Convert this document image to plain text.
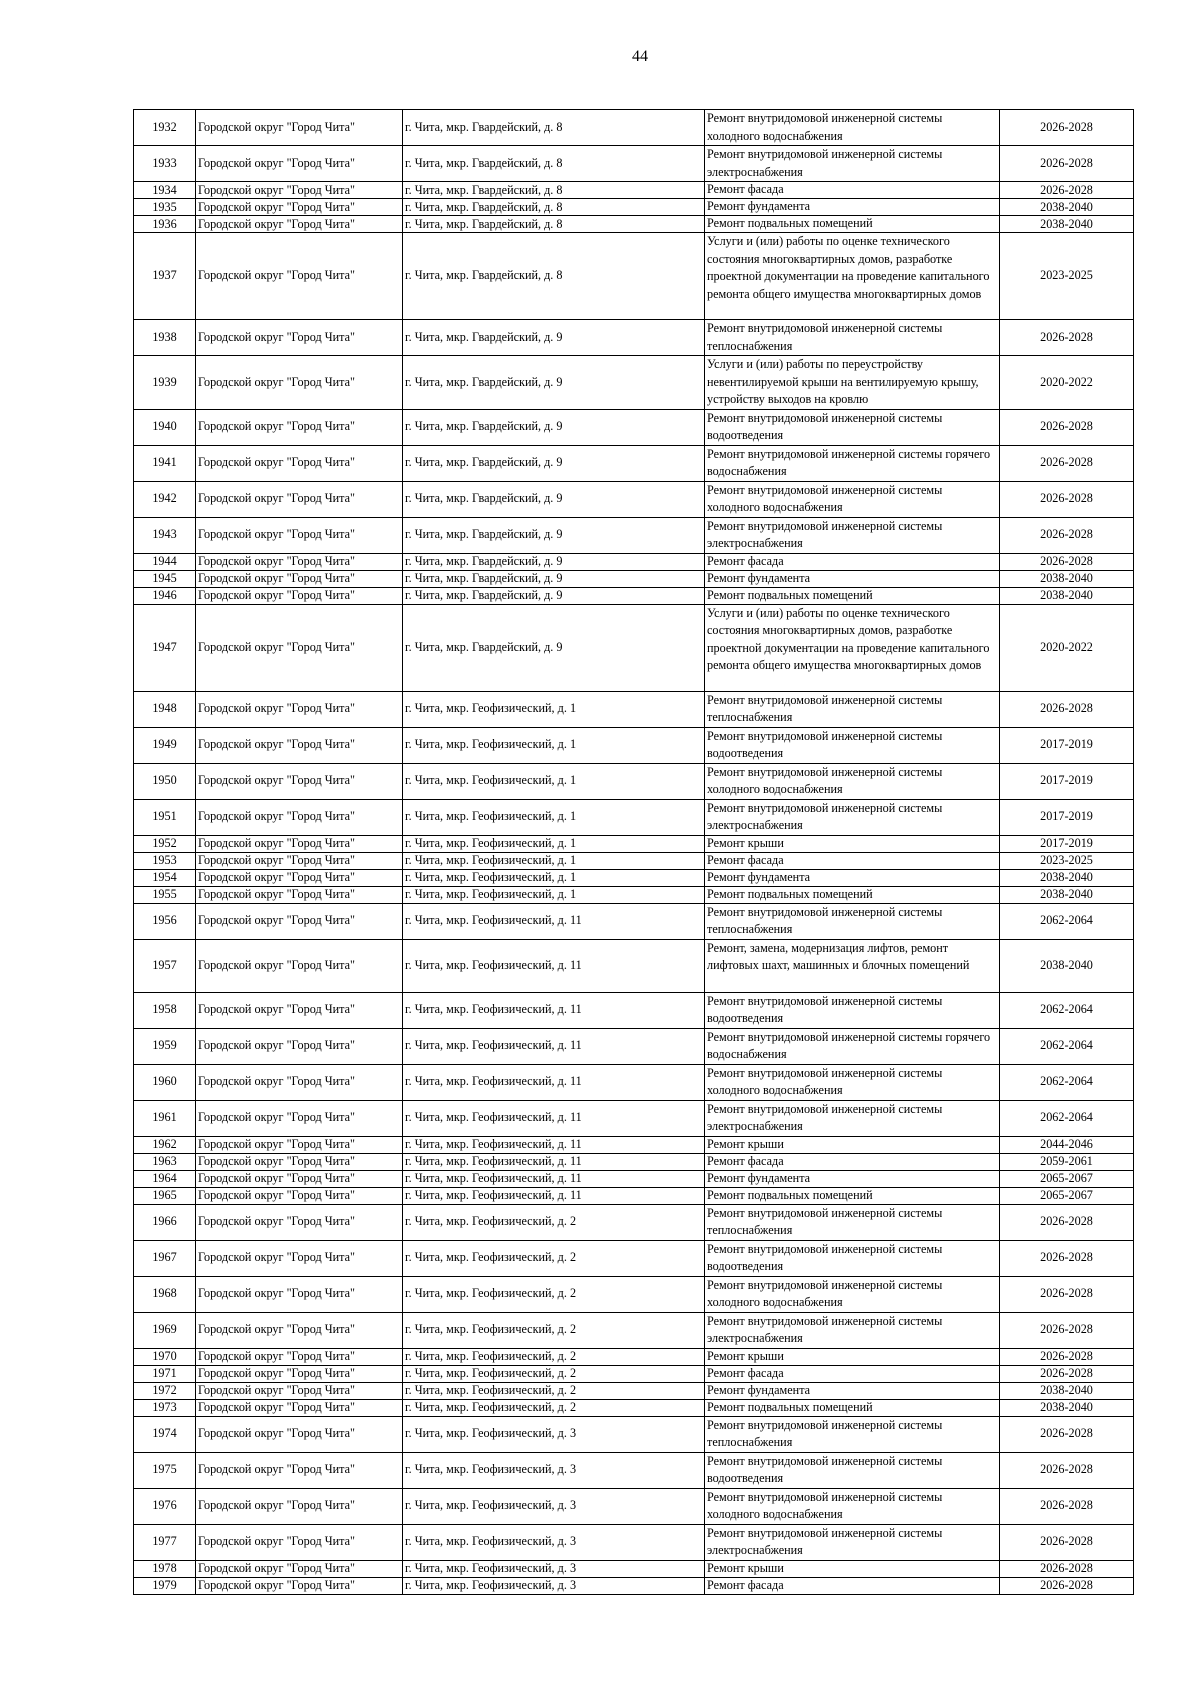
44
1932	Городской округ "Город Чита"	г. Чита, мкр. Гвардейский, д. 8	Ремонт внутридомовой инженерной системы холодного водоснабжения	2026-2028
1933	Городской округ "Город Чита"	г. Чита, мкр. Гвардейский, д. 8	Ремонт внутридомовой инженерной системы электроснабжения	2026-2028
1934	Городской округ "Город Чита"	г. Чита, мкр. Гвардейский, д. 8	Ремонт фасада	2026-2028
1935	Городской округ "Город Чита"	г. Чита, мкр. Гвардейский, д. 8	Ремонт фундамента	2038-2040
1936	Городской округ "Город Чита"	г. Чита, мкр. Гвардейский, д. 8	Ремонт подвальных помещений	2038-2040
1937	Городской округ "Город Чита"	г. Чита, мкр. Гвардейский, д. 8	Услуги и (или) работы по оценке технического состояния многоквартирных домов, разработке проектной документации на проведение капитального ремонта общего имущества многоквартирных домов	2023-2025
1938	Городской округ "Город Чита"	г. Чита, мкр. Гвардейский, д. 9	Ремонт внутридомовой инженерной системы теплоснабжения	2026-2028
1939	Городской округ "Город Чита"	г. Чита, мкр. Гвардейский, д. 9	Услуги и (или) работы по переустройству невентилируемой крыши на вентилируемую крышу, устройству выходов на кровлю	2020-2022
1940	Городской округ "Город Чита"	г. Чита, мкр. Гвардейский, д. 9	Ремонт внутридомовой инженерной системы водоотведения	2026-2028
1941	Городской округ "Город Чита"	г. Чита, мкр. Гвардейский, д. 9	Ремонт внутридомовой инженерной системы горячего водоснабжения	2026-2028
1942	Городской округ "Город Чита"	г. Чита, мкр. Гвардейский, д. 9	Ремонт внутридомовой инженерной системы холодного водоснабжения	2026-2028
1943	Городской округ "Город Чита"	г. Чита, мкр. Гвардейский, д. 9	Ремонт внутридомовой инженерной системы электроснабжения	2026-2028
1944	Городской округ "Город Чита"	г. Чита, мкр. Гвардейский, д. 9	Ремонт фасада	2026-2028
1945	Городской округ "Город Чита"	г. Чита, мкр. Гвардейский, д. 9	Ремонт фундамента	2038-2040
1946	Городской округ "Город Чита"	г. Чита, мкр. Гвардейский, д. 9	Ремонт подвальных помещений	2038-2040
1947	Городской округ "Город Чита"	г. Чита, мкр. Гвардейский, д. 9	Услуги и (или) работы по оценке технического состояния многоквартирных домов, разработке проектной документации на проведение капитального ремонта общего имущества многоквартирных домов	2020-2022
1948	Городской округ "Город Чита"	г. Чита, мкр. Геофизический, д. 1	Ремонт внутридомовой инженерной системы теплоснабжения	2026-2028
1949	Городской округ "Город Чита"	г. Чита, мкр. Геофизический, д. 1	Ремонт внутридомовой инженерной системы водоотведения	2017-2019
1950	Городской округ "Город Чита"	г. Чита, мкр. Геофизический, д. 1	Ремонт внутридомовой инженерной системы холодного водоснабжения	2017-2019
1951	Городской округ "Город Чита"	г. Чита, мкр. Геофизический, д. 1	Ремонт внутридомовой инженерной системы электроснабжения	2017-2019
1952	Городской округ "Город Чита"	г. Чита, мкр. Геофизический, д. 1	Ремонт крыши	2017-2019
1953	Городской округ "Город Чита"	г. Чита, мкр. Геофизический, д. 1	Ремонт фасада	2023-2025
1954	Городской округ "Город Чита"	г. Чита, мкр. Геофизический, д. 1	Ремонт фундамента	2038-2040
1955	Городской округ "Город Чита"	г. Чита, мкр. Геофизический, д. 1	Ремонт подвальных помещений	2038-2040
1956	Городской округ "Город Чита"	г. Чита, мкр. Геофизический, д. 11	Ремонт внутридомовой инженерной системы теплоснабжения	2062-2064
1957	Городской округ "Город Чита"	г. Чита, мкр. Геофизический, д. 11	Ремонт, замена, модернизация лифтов, ремонт лифтовых шахт, машинных и блочных помещений	2038-2040
1958	Городской округ "Город Чита"	г. Чита, мкр. Геофизический, д. 11	Ремонт внутридомовой инженерной системы водоотведения	2062-2064
1959	Городской округ "Город Чита"	г. Чита, мкр. Геофизический, д. 11	Ремонт внутридомовой инженерной системы горячего водоснабжения	2062-2064
1960	Городской округ "Город Чита"	г. Чита, мкр. Геофизический, д. 11	Ремонт внутридомовой инженерной системы холодного водоснабжения	2062-2064
1961	Городской округ "Город Чита"	г. Чита, мкр. Геофизический, д. 11	Ремонт внутридомовой инженерной системы электроснабжения	2062-2064
1962	Городской округ "Город Чита"	г. Чита, мкр. Геофизический, д. 11	Ремонт крыши	2044-2046
1963	Городской округ "Город Чита"	г. Чита, мкр. Геофизический, д. 11	Ремонт фасада	2059-2061
1964	Городской округ "Город Чита"	г. Чита, мкр. Геофизический, д. 11	Ремонт фундамента	2065-2067
1965	Городской округ "Город Чита"	г. Чита, мкр. Геофизический, д. 11	Ремонт подвальных помещений	2065-2067
1966	Городской округ "Город Чита"	г. Чита, мкр. Геофизический, д. 2	Ремонт внутридомовой инженерной системы теплоснабжения	2026-2028
1967	Городской округ "Город Чита"	г. Чита, мкр. Геофизический, д. 2	Ремонт внутридомовой инженерной системы водоотведения	2026-2028
1968	Городской округ "Город Чита"	г. Чита, мкр. Геофизический, д. 2	Ремонт внутридомовой инженерной системы холодного водоснабжения	2026-2028
1969	Городской округ "Город Чита"	г. Чита, мкр. Геофизический, д. 2	Ремонт внутридомовой инженерной системы электроснабжения	2026-2028
1970	Городской округ "Город Чита"	г. Чита, мкр. Геофизический, д. 2	Ремонт крыши	2026-2028
1971	Городской округ "Город Чита"	г. Чита, мкр. Геофизический, д. 2	Ремонт фасада	2026-2028
1972	Городской округ "Город Чита"	г. Чита, мкр. Геофизический, д. 2	Ремонт фундамента	2038-2040
1973	Городской округ "Город Чита"	г. Чита, мкр. Геофизический, д. 2	Ремонт подвальных помещений	2038-2040
1974	Городской округ "Город Чита"	г. Чита, мкр. Геофизический, д. 3	Ремонт внутридомовой инженерной системы теплоснабжения	2026-2028
1975	Городской округ "Город Чита"	г. Чита, мкр. Геофизический, д. 3	Ремонт внутридомовой инженерной системы водоотведения	2026-2028
1976	Городской округ "Город Чита"	г. Чита, мкр. Геофизический, д. 3	Ремонт внутридомовой инженерной системы холодного водоснабжения	2026-2028
1977	Городской округ "Город Чита"	г. Чита, мкр. Геофизический, д. 3	Ремонт внутридомовой инженерной системы электроснабжения	2026-2028
1978	Городской округ "Город Чита"	г. Чита, мкр. Геофизический, д. 3	Ремонт крыши	2026-2028
1979	Городской округ "Город Чита"	г. Чита, мкр. Геофизический, д. 3	Ремонт фасада	2026-2028
